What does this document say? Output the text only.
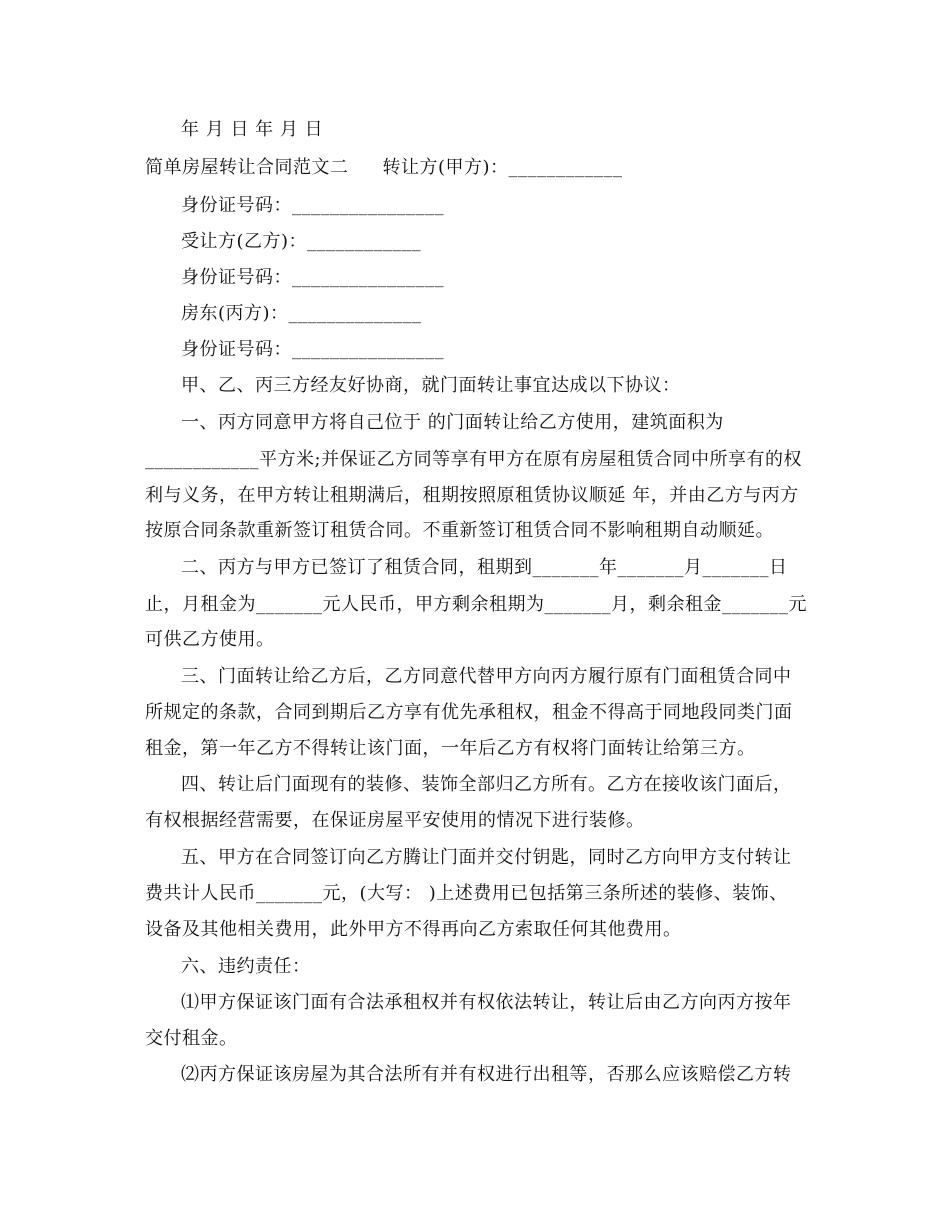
年 月 日 年 月 日
简单房屋转让合同范文二 转让方(甲方)：____________
身份证号码：________________
受让方(乙方)：____________
身份证号码：________________
房东(丙方)：______________
身份证号码：________________
甲、乙、丙三方经友好协商，就门面转让事宜达成以下协议：
一、丙方同意甲方将自己位于 的门面转让给乙方使用，建筑面积为
____________平方米;并保证乙方同等享有甲方在原有房屋租赁合同中所享有的权
利与义务，在甲方转让租期满后，租期按照原租赁协议顺延 年，并由乙方与丙方
按原合同条款重新签订租赁合同。不重新签订租赁合同不影响租期自动顺延。
二、丙方与甲方已签订了租赁合同，租期到_______年_______月_______日
止，月租金为_______元人民币，甲方剩余租期为_______月，剩余租金_______元
可供乙方使用。
三、门面转让给乙方后，乙方同意代替甲方向丙方履行原有门面租赁合同中
所规定的条款，合同到期后乙方享有优先承租权，租金不得高于同地段同类门面
租金，第一年乙方不得转让该门面，一年后乙方有权将门面转让给第三方。
四、转让后门面现有的装修、装饰全部归乙方所有。乙方在接收该门面后，
有权根据经营需要，在保证房屋平安使用的情况下进行装修。
五、甲方在合同签订向乙方腾让门面并交付钥匙，同时乙方向甲方支付转让
费共计人民币_______元，(大写： )上述费用已包括第三条所述的装修、装饰、
设备及其他相关费用，此外甲方不得再向乙方索取任何其他费用。
六、违约责任：
⑴甲方保证该门面有合法承租权并有权依法转让，转让后由乙方向丙方按年
交付租金。
⑵丙方保证该房屋为其合法所有并有权进行出租等，否那么应该赔偿乙方转
